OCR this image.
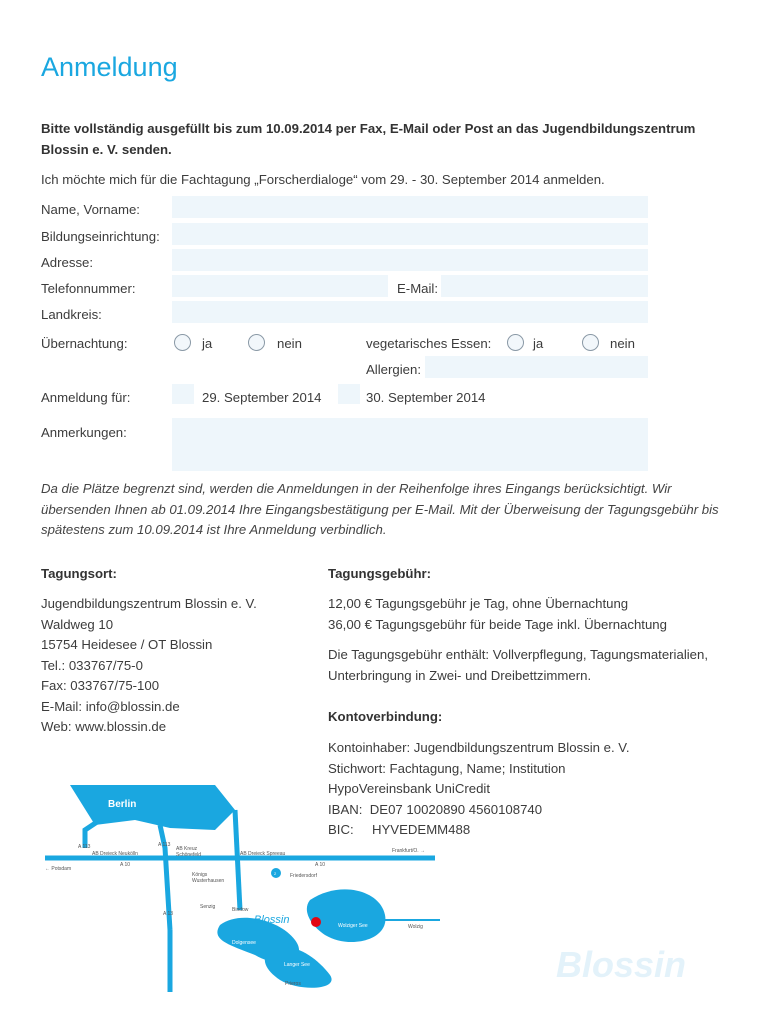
Anmeldung
Bitte vollständig ausgefüllt bis zum 10.09.2014 per Fax, E-Mail oder Post an das Jugendbildungszentrum Blossin e. V. senden.
Ich möchte mich für die Fachtagung „Forscherdialoge“ vom 29. - 30. September 2014 anmelden.
Name, Vorname:
Bildungseinrichtung:
Adresse:
Telefonnummer:	E-Mail:
Landkreis:
Übernachtung:	ja	nein	vegetarisches Essen:	ja	nein
Allergien:
Anmeldung für:	29. September 2014	30. September 2014
Anmerkungen:
Da die Plätze begrenzt sind, werden die Anmeldungen in der Reihenfolge ihres Eingangs berücksichtigt. Wir übersenden Ihnen ab 01.09.2014 Ihre Eingangsbestätigung per E-Mail. Mit der Überweisung der Tagungsgebühr bis spätestens zum 10.09.2014 ist Ihre Anmeldung verbindlich.
Tagungsort:
Jugendbildungszentrum Blossin e. V.
Waldweg 10
15754 Heidesee / OT Blossin
Tel.: 033767/75-0
Fax: 033767/75-100
E-Mail: info@blossin.de
Web: www.blossin.de
Tagungsgebühr:
12,00 € Tagungsgebühr je Tag, ohne Übernachtung
36,00 € Tagungsgebühr für beide Tage inkl. Übernachtung
Die Tagungsgebühr enthält: Vollverpflegung, Tagungsmaterialien,
Unterbringung in Zwei- und Dreibettzimmern.
Kontoverbindung:
Kontoinhaber: Jugendbildungszentrum Blossin e. V.
Stichwort: Fachtagung, Name; Institution
HypoVereinsbank UniCredit
IBAN:  DE07 10020890 4560108740
BIC:     HYVEDEMM488
Berlin
A 113	A 113
AB Dreieck Neukölln
AB Kreuz
Schönefeld	AB Dreieck Spreeau
A 10	A 10
A 13
← Potsdam
Frankfurt/O. →
Königs
Wusterhausen
Friedersdorf
Senzig	Bindow
Blossin	Wolziger See	Wolzig
Dolgensee
Langer See
Prieros
2
Blossin
